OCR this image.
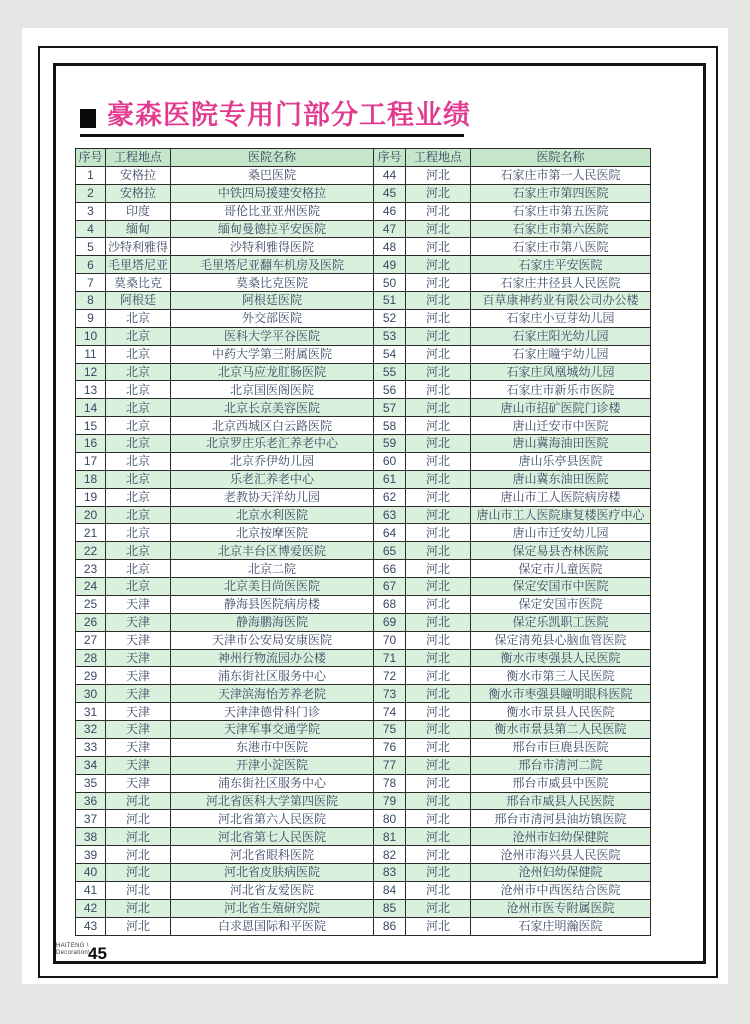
豪森医院专用门部分工程业绩
序号	工程地点	医院名称	序号	工程地点	医院名称
1	安格拉	桑巴医院	44	河北	石家庄市第一人民医院
2	安格拉	中铁四局援建安格拉	45	河北	石家庄市第四医院
3	印度	哥伦比亚亚州医院	46	河北	石家庄市第五医院
4	缅甸	缅甸曼德拉平安医院	47	河北	石家庄市第六医院
5	沙特利雅得	沙特利雅得医院	48	河北	石家庄市第八医院
6	毛里塔尼亚	毛里塔尼亚翻车机房及医院	49	河北	石家庄平安医院
7	莫桑比克	莫桑比克医院	50	河北	石家庄井径县人民医院
8	阿根廷	阿根廷医院	51	河北	百草康神药业有限公司办公楼
9	北京	外交部医院	52	河北	石家庄小豆芽幼儿园
10	北京	医科大学平谷医院	53	河北	石家庄阳光幼儿园
11	北京	中药大学第三附属医院	54	河北	石家庄瞳宇幼儿园
12	北京	北京马应龙肛肠医院	55	河北	石家庄凤凰城幼儿园
13	北京	北京国医阁医院	56	河北	石家庄市新乐市医院
14	北京	北京长京美容医院	57	河北	唐山市招矿医院门诊楼
15	北京	北京西城区白云路医院	58	河北	唐山迁安市中医院
16	北京	北京罗庄乐老汇养老中心	59	河北	唐山冀海油田医院
17	北京	北京乔伊幼儿园	60	河北	唐山乐亭县医院
18	北京	乐老汇养老中心	61	河北	唐山冀东油田医院
19	北京	老教协天洋幼儿园	62	河北	唐山市工人医院病房楼
20	北京	北京水利医院	63	河北	唐山市工人医院康复楼医疗中心
21	北京	北京按摩医院	64	河北	唐山市迁安幼儿园
22	北京	北京丰台区博爱医院	65	河北	保定易县杏林医院
23	北京	北京二院	66	河北	保定市儿童医院
24	北京	北京美目尚医医院	67	河北	保定安国市中医院
25	天津	静海县医院病房楼	68	河北	保定安国市医院
26	天津	静海鹏海医院	69	河北	保定乐凯职工医院
27	天津	天津市公安局安康医院	70	河北	保定清苑县心脑血管医院
28	天津	神州行物流园办公楼	71	河北	衡水市枣强县人民医院
29	天津	浦东街社区服务中心	72	河北	衡水市第三人民医院
30	天津	天津滨海怡芳养老院	73	河北	衡水市枣强县瞳明眼科医院
31	天津	天津津德骨科门诊	74	河北	衡水市景县人民医院
32	天津	天津军事交通学院	75	河北	衡水市景县第二人民医院
33	天津	东港市中医院	76	河北	邢台市巨鹿县医院
34	天津	开津小淀医院	77	河北	邢台市清河二院
35	天津	浦东街社区服务中心	78	河北	邢台市威县中医院
36	河北	河北省医科大学第四医院	79	河北	邢台市威县人民医院
37	河北	河北省第六人民医院	80	河北	邢台市清河县油坊镇医院
38	河北	河北省第七人民医院	81	河北	沧州市妇幼保健院
39	河北	河北省眼科医院	82	河北	沧州市海兴县人民医院
40	河北	河北省皮肤病医院	83	河北	沧州妇幼保健院
41	河北	河北省友爱医院	84	河北	沧州市中西医结合医院
42	河北	河北省生殖研究院	85	河北	沧州市医专附属医院
43	河北	白求恩国际和平医院	86	河北	石家庄明瀚医院
HAITENG \
Decoration\
45
